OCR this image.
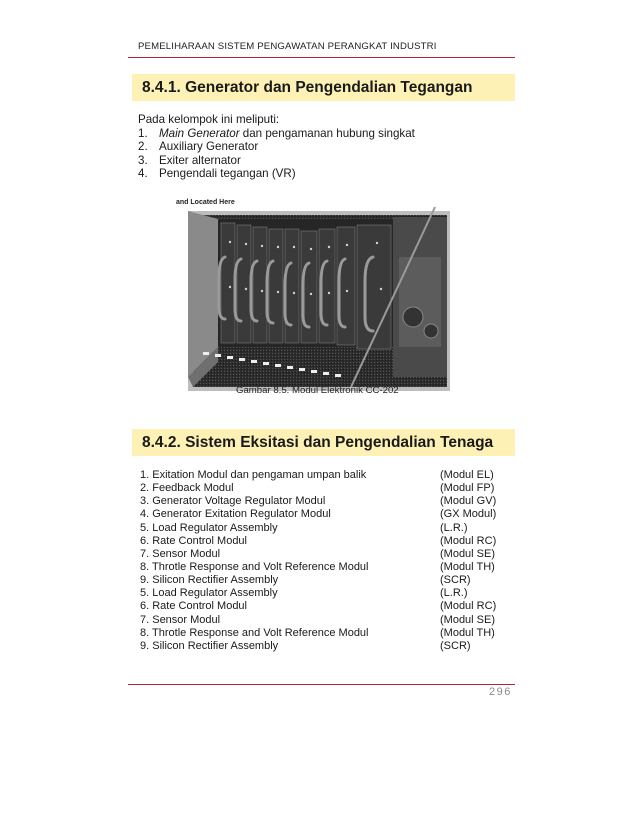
PEMELIHARAAN SISTEM PENGAWATAN PERANGKAT INDUSTRI
8.4.1. Generator dan Pengendalian Tegangan
Pada kelompok ini meliputi:
1. Main Generator dan pengamanan hubung singkat
2. Auxiliary Generator
3. Exiter alternator
4. Pengendali tegangan (VR)
and Located Here
Gambar 8.5. Modul Elektronik CC-202
8.4.2. Sistem Eksitasi dan Pengendalian Tenaga
1. Exitation Modul dan pengaman umpan balik	(Modul EL)
2. Feedback Modul	(Modul FP)
3. Generator Voltage Regulator Modul	(Modul GV)
4. Generator Exitation Regulator Modul	(GX Modul)
5. Load Regulator Assembly	(L.R.)
6. Rate Control Modul	(Modul RC)
7. Sensor Modul	(Modul SE)
8. Throtle Response and Volt Reference Modul	(Modul TH)
9. Silicon Rectifier Assembly	(SCR)
5. Load Regulator Assembly	(L.R.)
6. Rate Control Modul	(Modul RC)
7. Sensor Modul	(Modul SE)
8. Throtle Response and Volt Reference Modul	(Modul TH)
9. Silicon Rectifier Assembly	(SCR)
296
